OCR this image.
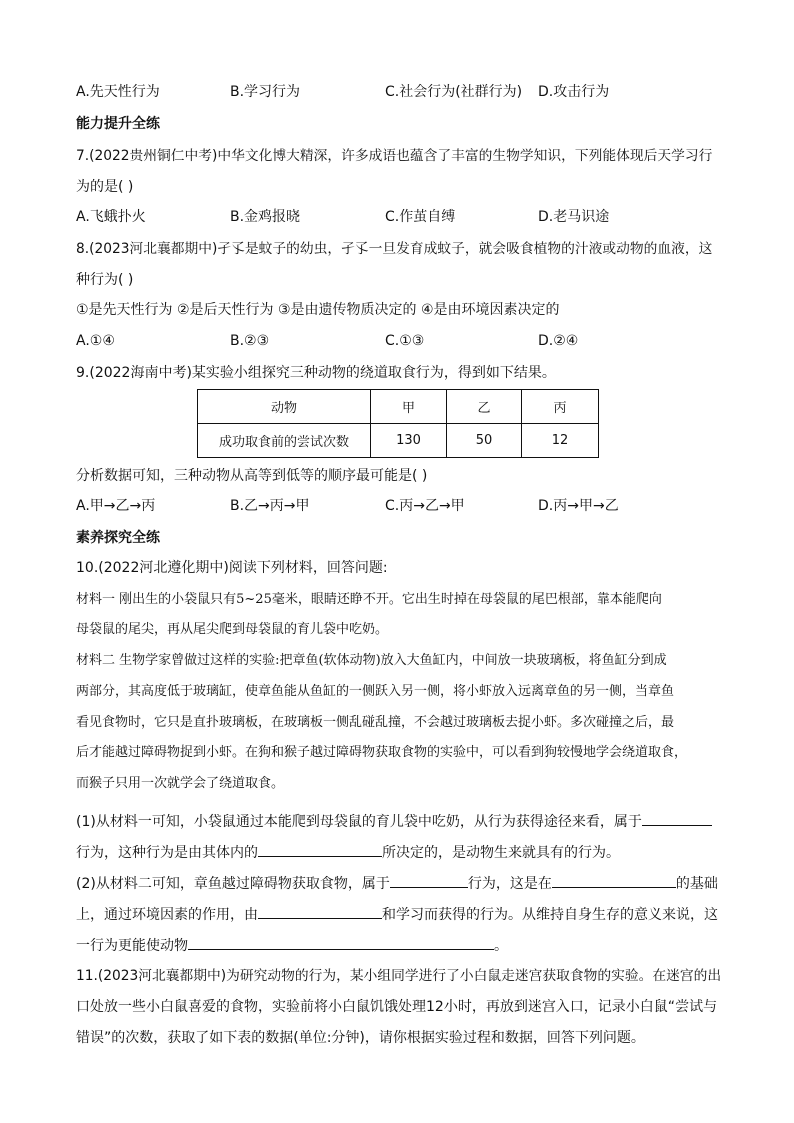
A.先天性行为	B.学习行为	C.社会行为(社群行为) D.攻击行为
能力提升全练
7.(2022贵州铜仁中考)中华文化博大精深，许多成语也蕴含了丰富的生物学知识，下列能体现后天学习行
为的是( )
A.飞蛾扑火	B.金鸡报晓	C.作茧自缚	D.老马识途
8.(2023河北襄都期中)孑孓是蚊子的幼虫，孑孓一旦发育成蚊子，就会吸食植物的汁液或动物的血液，这
种行为( )
①是先天性行为 ②是后天性行为 ③是由遗传物质决定的 ④是由环境因素决定的
A.①④	B.②③	C.①③	D.②④
9.(2022海南中考)某实验小组探究三种动物的绕道取食行为，得到如下结果。
动物	甲	乙	丙
成功取食前的尝试次数	130	50	12
分析数据可知，三种动物从高等到低等的顺序最可能是( )
A.甲→乙→丙	B.乙→丙→甲	C.丙→乙→甲	D.丙→甲→乙
素养探究全练
10.(2022河北遵化期中)阅读下列材料，回答问题:
材料一 刚出生的小袋鼠只有5~25毫米，眼睛还睁不开。它出生时掉在母袋鼠的尾巴根部，靠本能爬向
母袋鼠的尾尖，再从尾尖爬到母袋鼠的育儿袋中吃奶。
材料二 生物学家曾做过这样的实验:把章鱼(软体动物)放入大鱼缸内，中间放一块玻璃板，将鱼缸分到成
两部分，其高度低于玻璃缸，使章鱼能从鱼缸的一侧跃入另一侧，将小虾放入远离章鱼的另一侧，当章鱼
看见食物时，它只是直扑玻璃板，在玻璃板一侧乱碰乱撞，不会越过玻璃板去捉小虾。多次碰撞之后，最
后才能越过障碍物捉到小虾。在狗和猴子越过障碍物获取食物的实验中，可以看到狗较慢地学会绕道取食，
而猴子只用一次就学会了绕道取食。
(1)从材料一可知，小袋鼠通过本能爬到母袋鼠的育儿袋中吃奶，从行为获得途径来看，属于
行为，这种行为是由其体内的	所决定的，是动物生来就具有的行为。
(2)从材料二可知，章鱼越过障碍物获取食物，属于	行为，这是在	的基础
上，通过环境因素的作用，由	和学习而获得的行为。从维持自身生存的意义来说，这
一行为更能使动物	。
11.(2023河北襄都期中)为研究动物的行为，某小组同学进行了小白鼠走迷宫获取食物的实验。在迷宫的出
口处放一些小白鼠喜爱的食物，实验前将小白鼠饥饿处理12小时，再放到迷宫入口，记录小白鼠“尝试与
错误”的次数，获取了如下表的数据(单位:分钟)，请你根据实验过程和数据，回答下列问题。
